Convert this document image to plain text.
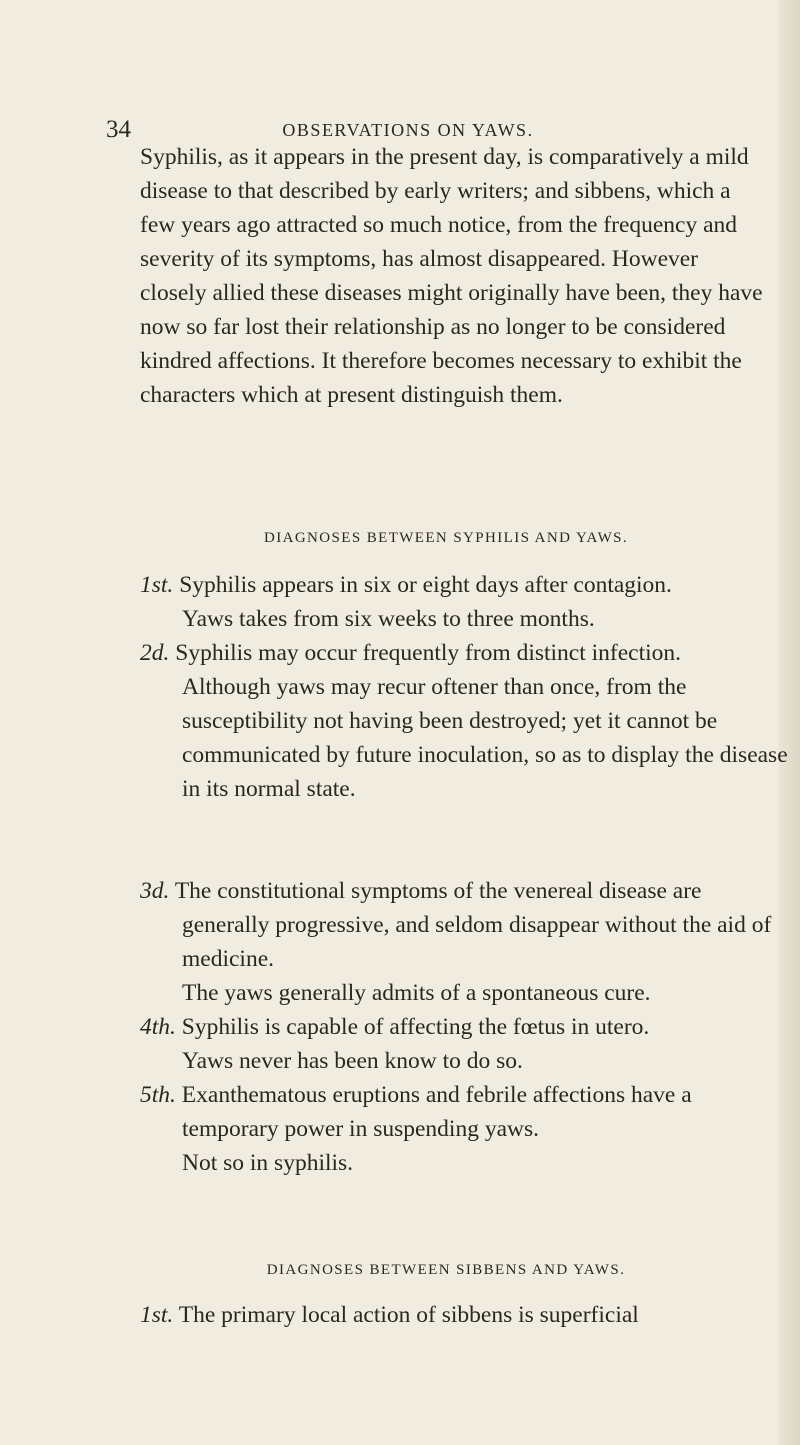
34	OBSERVATIONS ON YAWS.

Syphilis, as it appears in the present day, is comparatively a mild disease to that described by early writers; and sibbens, which a few years ago attracted so much notice, from the frequency and severity of its symptoms, has almost disappeared. However closely allied these diseases might originally have been, they have now so far lost their relationship as no longer to be considered kindred affections. It therefore becomes necessary to exhibit the characters which at present distinguish them.

DIAGNOSES BETWEEN SYPHILIS AND YAWS.

1st. Syphilis appears in six or eight days after contagion.

Yaws takes from six weeks to three months.

2d. Syphilis may occur frequently from distinct infection.

Although yaws may recur oftener than once, from the susceptibility not having been destroyed; yet it cannot be communicated by future inoculation, so as to display the disease in its normal state.

3d. The constitutional symptoms of the venereal disease are generally progressive, and seldom disappear without the aid of medicine.

The yaws generally admits of a spontaneous cure.

4th. Syphilis is capable of affecting the fœtus in utero.

Yaws never has been know to do so.

5th. Exanthematous eruptions and febrile affections have a temporary power in suspending yaws.

Not so in syphilis.

DIAGNOSES BETWEEN SIBBENS AND YAWS.

1st. The primary local action of sibbens is superficial
